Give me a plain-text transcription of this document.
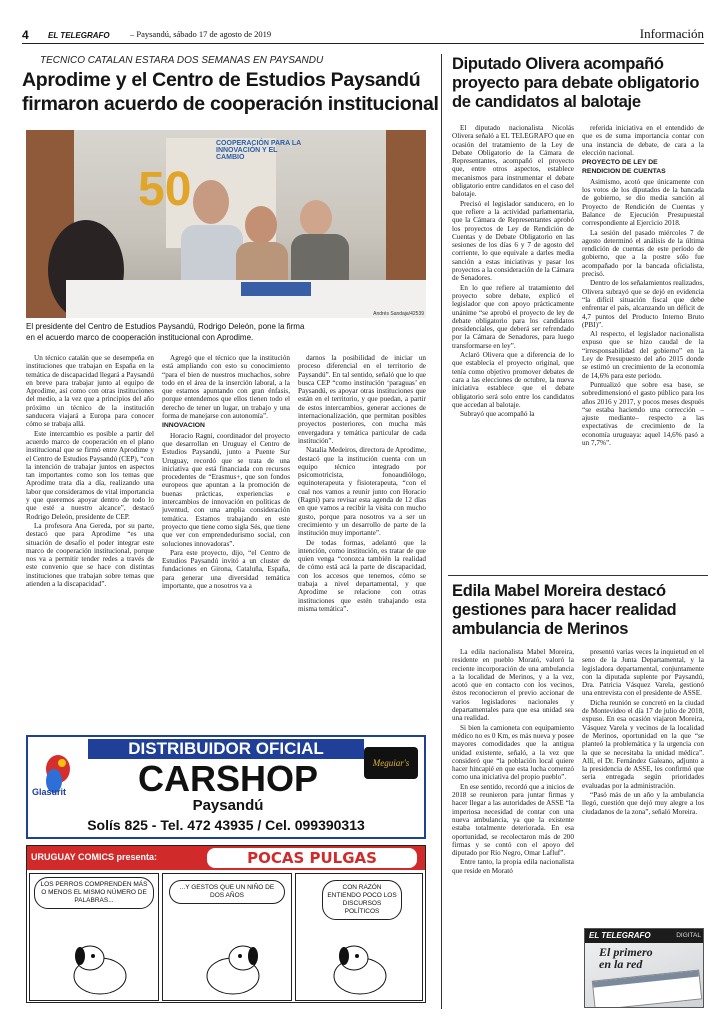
4 EL TELEGRAFO – Paysandú, sábado 17 de agosto de 2019	Información
TECNICO CATALAN ESTARA DOS SEMANAS EN PAYSANDU
Aprodime y el Centro de Estudios Paysandú
firmaron acuerdo de cooperación institucional
50
COOPERACIÓN PARA LA INNOVACIÓN Y EL CAMBIO
Andrés Sandaja/42539
El presidente del Centro de Estudios Paysandú, Rodrigo Deleón, pone la firma
en el acuerdo marco de cooperación institucional con Aprodime.

Un técnico catalán que se desempeña en instituciones que trabajan en España en la temática de discapacidad llegará a Paysandú en breve para trabajar junto al equipo de Aprodime, así como con otras instituciones del medio, a la vez que a principios del año próximo un técnico de la institución sanducera viajará a Europa para conocer cómo se trabaja allá.

Este intercambio es posible a partir del acuerdo marco de cooperación en el plano institucional que se firmó entre Aprodime y el Centro de Estudios Paysandú (CEP), “con la intención de trabajar juntos en aspectos tan importantes como son los temas que Aprodime trata día a día, realizando una labor que consideramos de vital importancia y que queremos apoyar dentro de todo lo que esté a nuestro alcance”, destacó Rodrigo Deleón, presidente de CEP.

La profesora Ana Gereda, por su parte, destacó que para Aprodime “es una situación de desafío el poder integrar este marco de cooperación institucional, porque nos va a permitir tender redes a través de este convenio que se hace con distintas instituciones que trabajan sobre temas que atienden a la discapacidad”.

Agregó que el técnico que la institución está ampliando con esto su conocimiento “para el bien de nuestros muchachos, sobre todo en el área de la inserción laboral, a la que estamos apuntando con gran énfasis, porque entendemos que ellos tienen todo el derecho de tener un lugar, un trabajo y una forma de manejarse con autonomía”.

INNOVACION

Horacio Ragni, coordinador del proyecto que desarrollan en Uruguay el Centro de Estudios Paysandú, junto a Puente Sur Uruguay, recordó que se trata de una iniciativa que está financiada con recursos procedentes de “Erasmus+, que son fondos europeos que apuntan a la promoción de buenas prácticas, experiencias e intercambios de innovación en políticas de juventud, con una amplia consideración temática. Estamos trabajando en este proyecto que tiene como sigla Sés, que tiene que ver con emprendedurismo social, con soluciones innovadoras”.

Para este proyecto, dijo, “el Centro de Estudios Paysandú invitó a un cluster de fundaciones en Girona, Cataluña, España, para generar una diversidad temática importante, que a nosotros va a

darnos la posibilidad de iniciar un proceso diferencial en el territorio de Paysandú”. En tal sentido, señaló que lo que busca CEP “como institución ‘paraguas’ en Paysandú, es apoyar otras instituciones que están en el territorio, y que puedan, a partir de estos intercambios, generar acciones de internacionalización, que permitan posibles proyectos posteriores, con mucha más envergadura y temática particular de cada institución”.

Natalia Medeiros, directora de Aprodime, destacó que la institución cuenta con un equipo técnico integrado por psicomotricista, fonoaudiólogo, equinoterapeuta y fisioterapeuta, “con el cual nos vamos a reunir junto con Horacio (Ragni) para revisar esta agenda de 12 días en que vamos a recibir la visita con mucho gusto, porque para nosotros va a ser un crecimiento y un desarrollo de parte de la institución muy importante”.

De todas formas, adelantó que la intención, como institución, es tratar de que quien venga “conozca también la realidad de cómo está acá la parte de discapacidad, con los accesos que tenemos, cómo se trabaja a nivel departamental, y que Aprodime se relacione con otras instituciones que estén trabajando esta misma temática”.

DISTRIBUIDOR OFICIAL
Glasurit
Meguiar's
CARSHOP
Paysandú
Solís 825 - Tel. 472 43935 / Cel. 099390313
URUGUAY COMICS presenta:	POCAS PULGAS
LOS PERROS COMPRENDEN MÁS O MENOS EL MISMO NÚMERO DE PALABRAS...
...Y GESTOS QUE UN NIÑO DE DOS AÑOS
CON RAZÓN ENTIENDO POCO LOS DISCURSOS POLÍTICOS
Diputado Olivera acompañó
proyecto para debate obligatorio
de candidatos al balotaje

El diputado nacionalista Nicolás Olivera señaló a EL TELEGRAFO que en ocasión del tratamiento de la Ley de Debate Obligatorio de la Cámara de Representantes, acompañó el proyecto que, entre otros aspectos, establece mecanismos para instrumentar el debate obligatorio entre candidatos en el caso del balotaje.

Precisó el legislador sanducero, en lo que refiere a la actividad parlamentaria, que la Cámara de Representantes aprobó los proyectos de Ley de Rendición de Cuentas y de Debate Obligatorio en las sesiones de los días 6 y 7 de agosto del corriente, lo que equivale a darles media sanción a estas iniciativas y pasar los proyectos a la consideración de la Cámara de Senadores.

En lo que refiere al tratamiento del proyecto sobre debate, explicó el legislador que con apoyo prácticamente unánime “se aprobó el proyecto de ley de debate obligatorio para los candidatos presidenciales, que deberá ser refrendado por la Cámara de Senadores, para luego transformarse en ley”.

Aclaró Olivera que a diferencia de lo que establecía el proyecto original, que tenía como objetivo promover debates de cara a las elecciones de octubre, la nueva iniciativa establece que el debate obligatorio será solo entre los candidatos que accedan al balotaje.

Subrayó que acompañó la

referida iniciativa en el entendido de que es de suma importancia contar con una instancia de debate, de cara a la elección nacional.

PROYECTO DE LEY DE
RENDICION DE CUENTAS

Asimismo, acotó que únicamente con los votos de los diputados de la bancada de gobierno, se dio media sanción al Proyecto de Rendición de Cuentas y Balance de Ejecución Presupuestal correspondiente al Ejercicio 2018.

La sesión del pasado miércoles 7 de agosto determinó el análisis de la última rendición de cuentas de este período de gobierno, que a la postre sólo fue acompañado por la bancada oficialista, precisó.

Dentro de los señalamientos realizados, Olivera subrayó que se dejó en evidencia “la difícil situación fiscal que debe enfrentar el país, alcanzando un déficit de 4,7 puntos del Producto Interno Bruto (PBI)”.

Al respecto, el legislador nacionalista expuso que se hizo caudal de la “irresponsabilidad del gobierno” en la Ley de Presupuesto del año 2015 donde se estimó un crecimiento de la economía de 14,6% para este período.

Puntualizó que sobre esa base, se sobredimensionó el gasto público para los años 2016 y 2017, y pocos meses después “se estaba haciendo una corrección –ajuste mediante– respecto a las expectativas de crecimiento de la economía uruguaya: aquel 14,6% pasó a un 7,7%”.

Edila Mabel Moreira destacó
gestiones para hacer realidad
ambulancia de Merinos

La edila nacionalista Mabel Moreira, residente en pueblo Morató, valoró la reciente incorporación de una ambulancia a la localidad de Merinos, y a la vez, acotó que en contacto con los vecinos, éstos reconocieron el previo accionar de varios legisladores nacionales y departamentales para que esa unidad sea una realidad.

Si bien la camioneta con equipamiento médico no es 0 Km, es más nueva y posee mayores comodidades que la antigua unidad existente, señaló, a la vez que consideró que “la población local quiere hacer hincapié en que esta lucha comenzó como una iniciativa del propio pueblo”.

En ese sentido, recordó que a inicios de 2018 se reunieron para juntar firmas y hacer llegar a las autoridades de ASSE “la imperiosa necesidad de contar con una nueva ambulancia, ya que la existente estaba totalmente deteriorada. En esa oportunidad, se recolectaron más de 200 firmas y se contó con el apoyo del diputado por Río Negro, Omar Lafluf”.

Entre tanto, la propia edila nacionalista que reside en Morató

presentó varias veces la inquietud en el seno de la Junta Departamental, y la legisladora departamental, conjuntamente con la diputada suplente por Paysandú, Dra. Patricia Vásquez Varela, gestionó una entrevista con el presidente de ASSE.

Dicha reunión se concretó en la ciudad de Montevideo el día 17 de julio de 2018, expuso. En esa ocasión viajaron Moreira, Vásquez Varela y vecinos de la localidad de Merinos, oportunidad en la que “se planteó la problemática y la urgencia con la que se necesitaba la unidad médica”. Allí, el Dr. Fernández Galeano, adjunto a la presidencia de ASSE, les confirmó que sería entregada según prioridades evaluadas por la administración.

“Pasó más de un año y la ambulancia llegó, cuestión que dejó muy alegre a los ciudadanos de la zona”, señaló Moreira.

EL TELEGRAFO	DIGITAL
El primero
en la red
